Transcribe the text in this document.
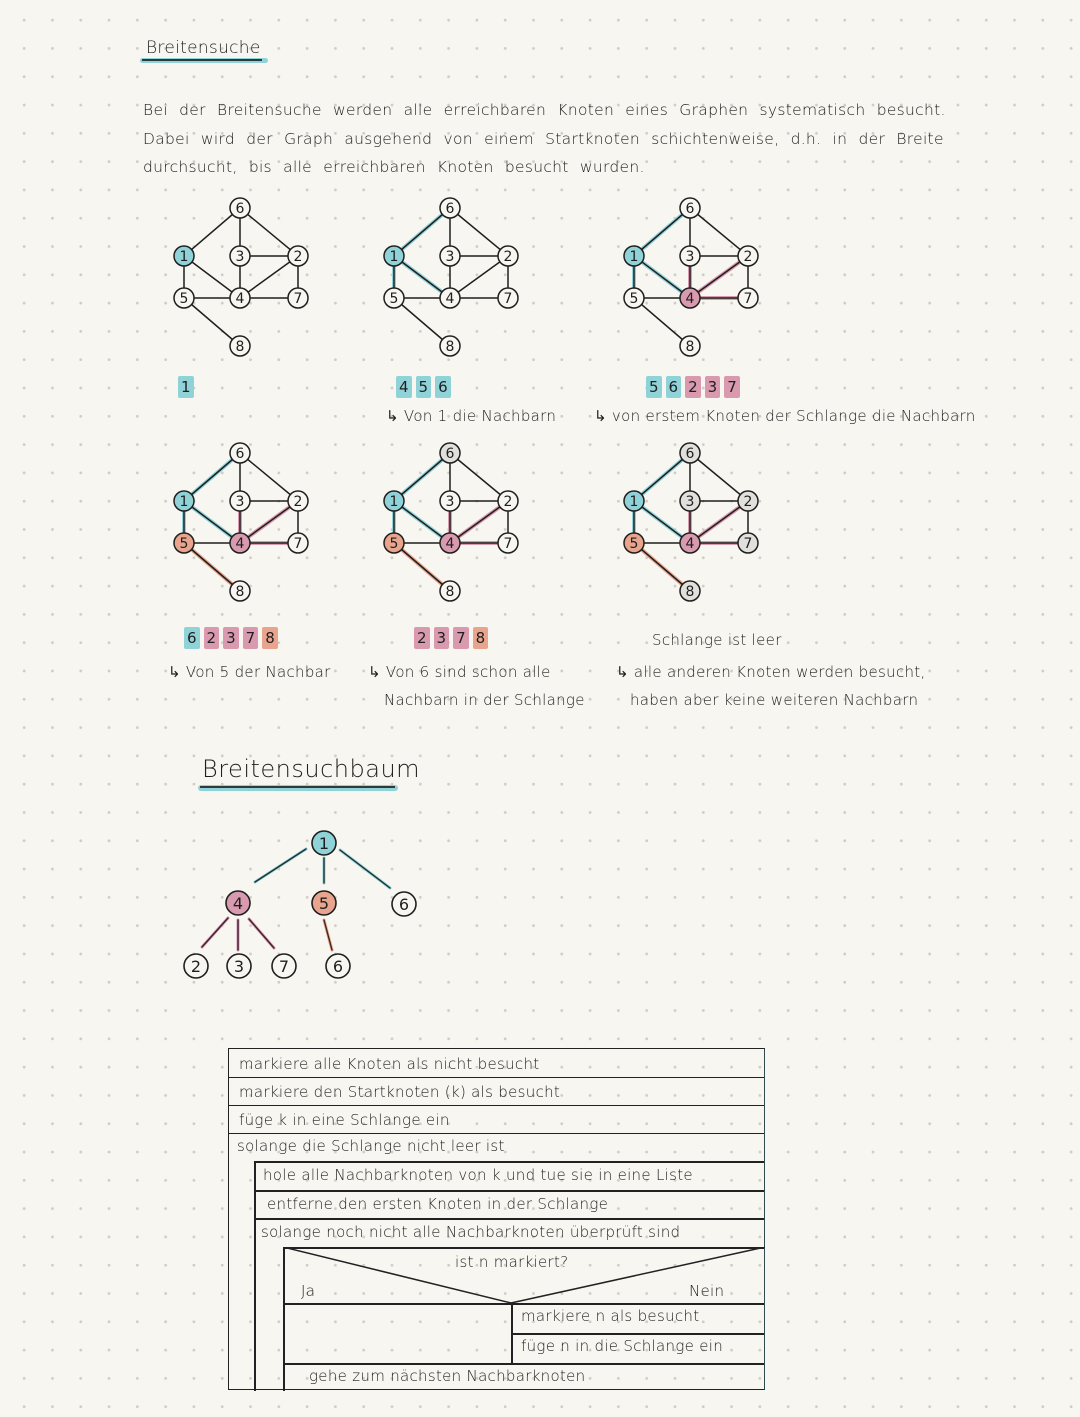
Breitensuche

Bei der Breitensuche werden alle erreichbaren Knoten eines Graphen systematisch besucht.

Dabei wird der Graph ausgehend von einem Startknoten schichtenweise, d.h. in der Breite

durchsucht, bis alle erreichbaren Knoten besucht wurden.

1	2
3
4
5
6
7
8
1	2
3
4
5
6
7
8
1	2
3
4
5
6
7
8
1	2
3
4
5
6
7
8
1	2
3
4
5
6
7
8
1	2
3
4
5
6
7
8
1	4 5 6	5 6 2 3 7
6 2 3 7 8	2 3 7 8	Schlange ist leer
↳ Von 1 die Nachbarn	↳ von erstem Knoten der Schlange die Nachbarn
↳ Von 5 der Nachbar ↳ Von 6 sind schon alle
Nachbarn in der Schlange
↳ alle anderen Knoten werden besucht,
haben aber keine weiteren Nachbarn
Breitensuchbaum
1
4	5	6
2 3 7	6
markiere alle Knoten als nicht besucht
markiere den Startknoten (k) als besucht
füge k in eine Schlange ein
solange die Schlange nicht leer ist
hole alle Nachbarknoten von k und tue sie in eine Liste
entferne den ersten Knoten in der Schlange
solange noch nicht alle Nachbarknoten überprüft sind
ist n markiert?
Ja	Nein
markiere n als besucht
füge n in die Schlange ein
gehe zum nächsten Nachbarknoten
